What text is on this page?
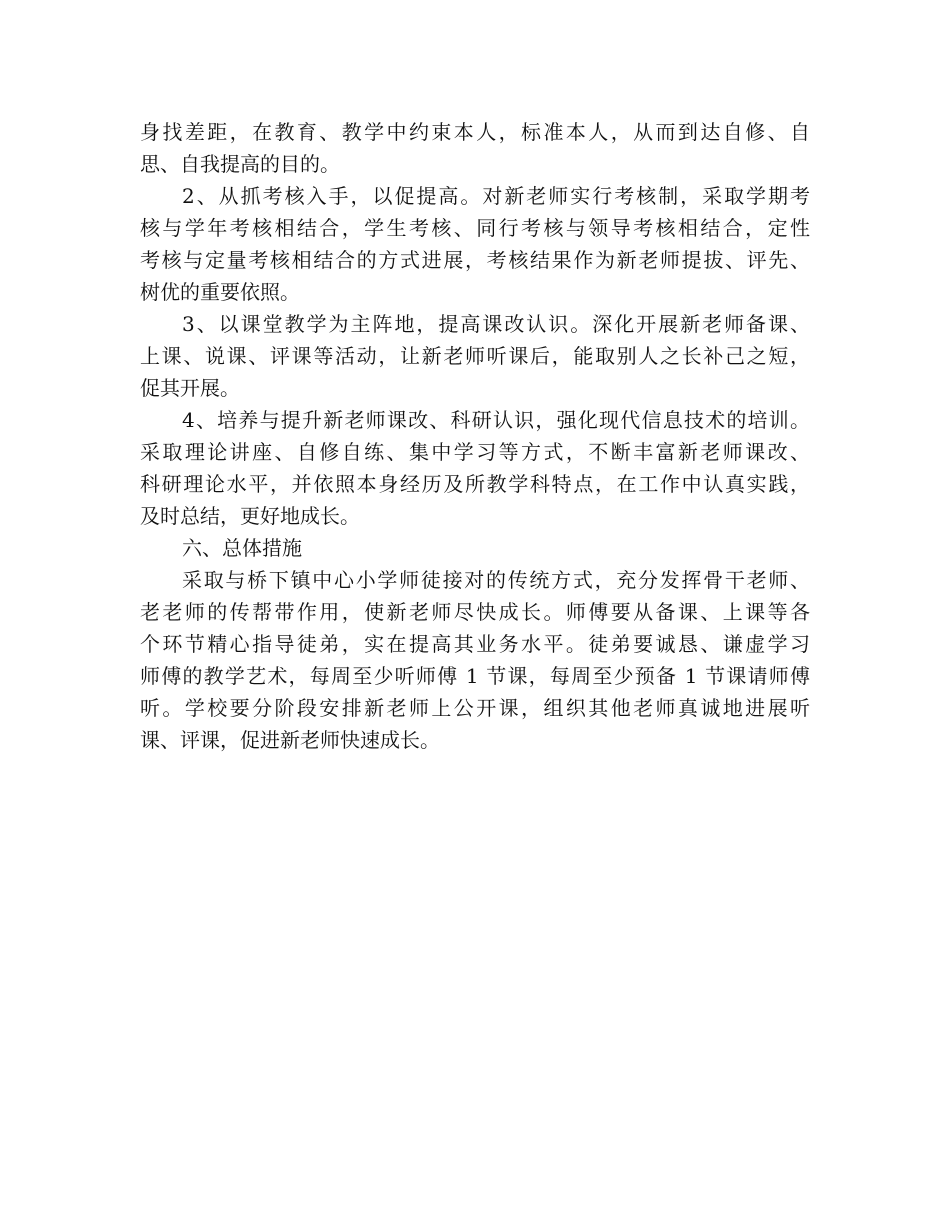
身找差距，在教育、教学中约束本人，标准本人，从而到达自修、自
思、自我提高的目的。
2、从抓考核入手，以促提高。对新老师实行考核制，采取学期考
核与学年考核相结合，学生考核、同行考核与领导考核相结合，定性
考核与定量考核相结合的方式进展，考核结果作为新老师提拔、评先、
树优的重要依照。
3、以课堂教学为主阵地，提高课改认识。深化开展新老师备课、
上课、说课、评课等活动，让新老师听课后，能取别人之长补己之短，
促其开展。
4、培养与提升新老师课改、科研认识，强化现代信息技术的培训。
采取理论讲座、自修自练、集中学习等方式，不断丰富新老师课改、
科研理论水平，并依照本身经历及所教学科特点，在工作中认真实践，
及时总结，更好地成长。
六、总体措施
采取与桥下镇中心小学师徒接对的传统方式，充分发挥骨干老师、
老老师的传帮带作用，使新老师尽快成长。师傅要从备课、上课等各
个环节精心指导徒弟，实在提高其业务水平。徒弟要诚恳、谦虚学习
师傅的教学艺术，每周至少听师傅 1 节课，每周至少预备 1 节课请师傅
听。学校要分阶段安排新老师上公开课，组织其他老师真诚地进展听
课、评课，促进新老师快速成长。
